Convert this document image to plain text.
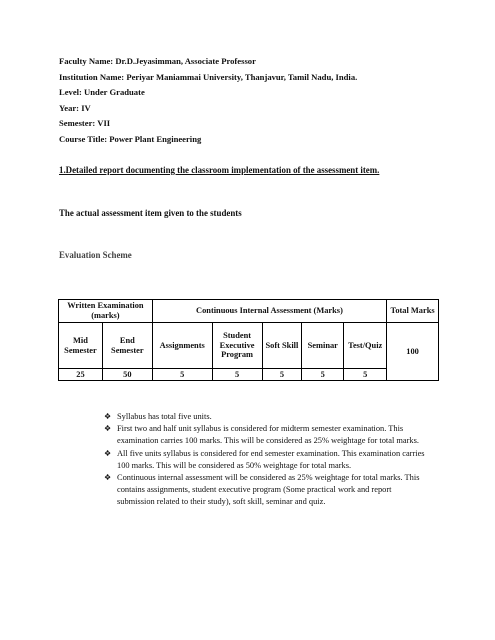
Faculty Name: Dr.D.Jeyasimman, Associate Professor
Institution Name: Periyar Maniammai University, Thanjavur, Tamil Nadu, India.
Level: Under Graduate
Year: IV
Semester: VII
Course Title: Power Plant Engineering
1.Detailed report documenting the classroom implementation of the assessment item.
The actual assessment item given to the students
Evaluation Scheme
Written Examination (marks)		Continuous Internal Assessment (Marks)					Total Marks
Mid Semester	End Semester	Assignments	Student Executive Program	Soft Skill	Seminar	Test/Quiz	100
25	50	5	5	5	5	5	
❖ Syllabus has total five units.
❖ First two and half unit syllabus is considered for midterm semester examination. This examination carries 100 marks. This will be considered as 25% weightage for total marks.
❖ All five units syllabus is considered for end semester examination. This examination carries 100 marks. This will be considered as 50% weightage for total marks.
❖ Continuous internal assessment will be considered as 25% weightage for total marks. This contains assignments, student executive program (Some practical work and report submission related to their study), soft skill, seminar and quiz.
